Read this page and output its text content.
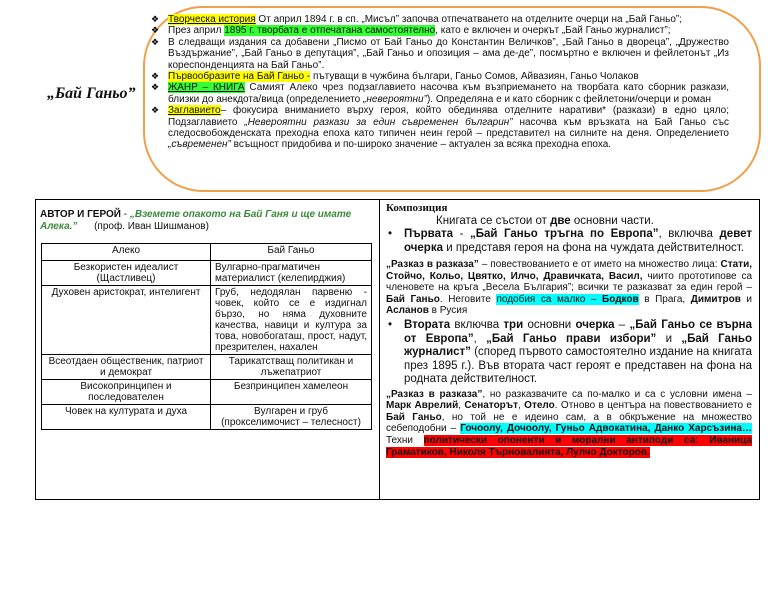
„Бай Ганьо”
❖ Творческа история От април 1894 г. в сп. „Мисъл” започва отпечатването на отделните очерци на „Бай Ганьо”;
❖ През април 1895 г. творбата е отпечатана самостоятелно, като е включен и очеркът „Бай Ганьо журналист”;
❖ В следващи издания са добавени „Писмо от Бай Ганьо до Константин Величков”, „Бай Ганьо в двореца”, „Дружество Въздържание”, „Бай Ганьо в депутация”, „Бай Ганьо и опозиция – ама де-де”, посмъртно е включен и фейлетонът „Из кореспонденцията на Бай Ганьо”.
❖ Първообразите на Бай Ганьо - пътуващи в чужбина българи, Ганьо Сомов, Айвазиян, Ганьо Чолаков
❖ ЖАНР – КНИГА Самият Алеко чрез подзаглавието насочва към възприемането на творбата като сборник разкази, близки до анекдота/вица (определението „невероятни”). Определяна е и като сборник с фейлетони/очерци и роман
❖ Заглавието– фокусира вниманието върху героя, който обединява отделните наративи* (разкази) в едно цяло; Подзаглавието „Невероятни разкази за един съвременен българин” насочва към връзката на Бай Ганьо със следосвобожденската преходна епоха като типичен неин герой – представител на силните на деня. Определението „съвременен” всъщност придобива и по-широко значение – актуален за всяка преходна епоха.
АВТОР И ГЕРОЙ - „Вземете опакото на Бай Ганя и ще имате Алека.” (проф. Иван Шишманов)
Алеко	Бай Ганьо
Безкористен идеалист (Щастливец)	Вулгарно-прагматичен материалист (келепирджия)
Духовен аристократ, интелигент	Груб, недодялан парвеню - човек, който се е издигнал бързо, но няма духовните качества, навици и култура за това, новобогаташ, прост, надут, презрителен, нахален
Всеотдаен общественик, патриот и демократ	Тарикатстващ политикан и лъжепатриот
Високопринципен и последователен	Безпринципен хамелеон
Човек на културата и духа	Вулгарен и груб (прокселимочист – телесност)

Композиция

Книгата се състои от две основни части.

• Първата - „Бай Ганьо тръгна по Европа”, включва девет очерка и представя героя на фона на чуждата действителност.

„Разказ в разказа” – повествованието е от името на множество лица: Стати, Стойчо, Кольо, Цвятко, Илчо, Дравичката, Васил, чиито прототипове са членовете на кръга „Весела България”; всички те разказват за един герой – Бай Ганьо. Неговите подобия са малко – Бодков в Прага, Димитров и Асланов в Русия

• Втората включва три основни очерка – „Бай Ганьо се върна от Европа”, „Бай Ганьо прави избори” и „Бай Ганьо журналист” (според първото самостоятелно издание на книгата през 1895 г.). Във втората част героят е представен на фона на родната действителност.

„Разказ в разказа”, но разказвачите са по-малко и са с условни имена – Марк Аврелий, Сенаторът, Отело. Отново в центъра на повествованието е Бай Ганьо, но той не е идеино сам, а в обкръжение на множество себеподобни – Гочоолу, Дочоолу, Гуньо Адвокатина, Данко Харсъзина… Техни политически опоненти и морални антиподи са: Иваница Граматиков, Николя Търновалията, Лулчо Докторов.
